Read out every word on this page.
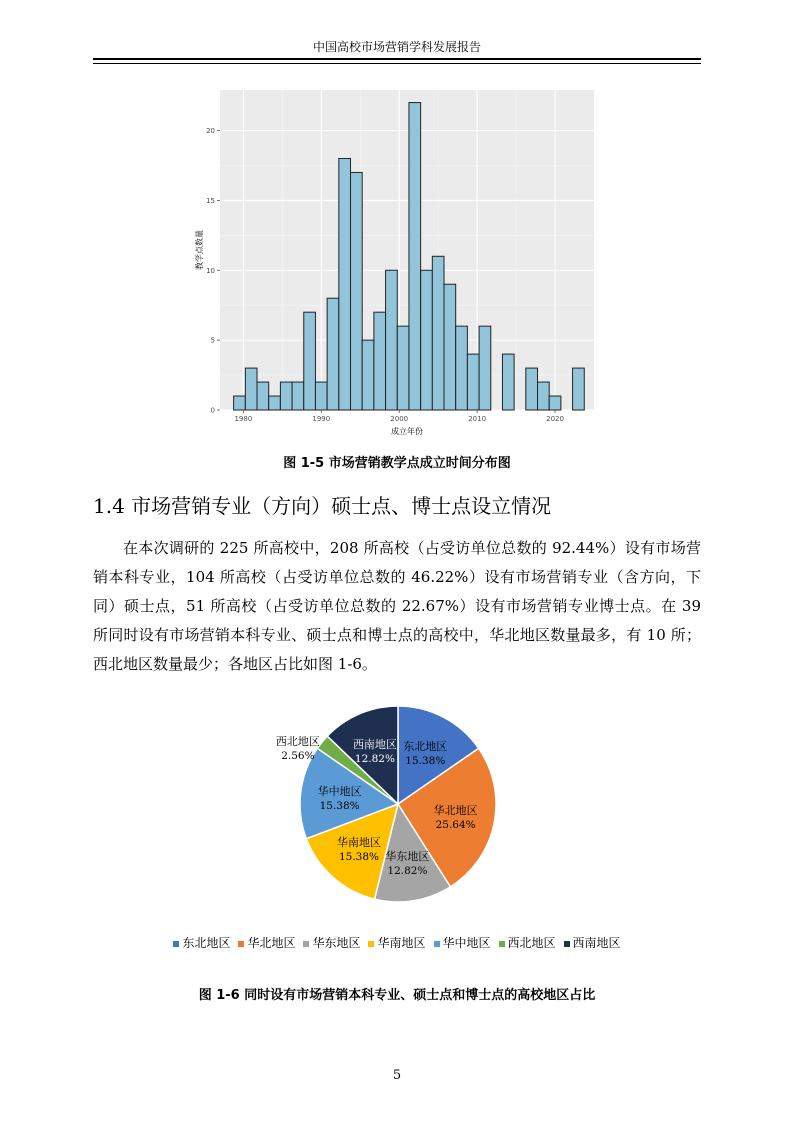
中国高校市场营销学科发展报告
0
5
10
15
20
1980	1990	2000	2010	2020
成立年份
教学点数量
图 1-5 市场营销教学点成立时间分布图
1.4 市场营销专业（方向）硕士点、博士点设立情况

在本次调研的 225 所高校中，208 所高校（占受访单位总数的 92.44%）设有市场营销本科专业，104 所高校（占受访单位总数的 46.22%）设有市场营销专业（含方向，下同）硕士点，51 所高校（占受访单位总数的 22.67%）设有市场营销专业博士点。在 39 所同时设有市场营销本科专业、硕士点和博士点的高校中，华北地区数量最多，有 10 所；西北地区数量最少；各地区占比如图 1-6。

东北地区
15.38%
华北地区
25.64%
华东地区
12.82%
华南地区
15.38%
华中地区
15.38%
西北地区
2.56%
西南地区
12.82%
东北地区 华北地区 华东地区 华南地区 华中地区 西北地区 西南地区
图 1-6 同时设有市场营销本科专业、硕士点和博士点的高校地区占比
5
